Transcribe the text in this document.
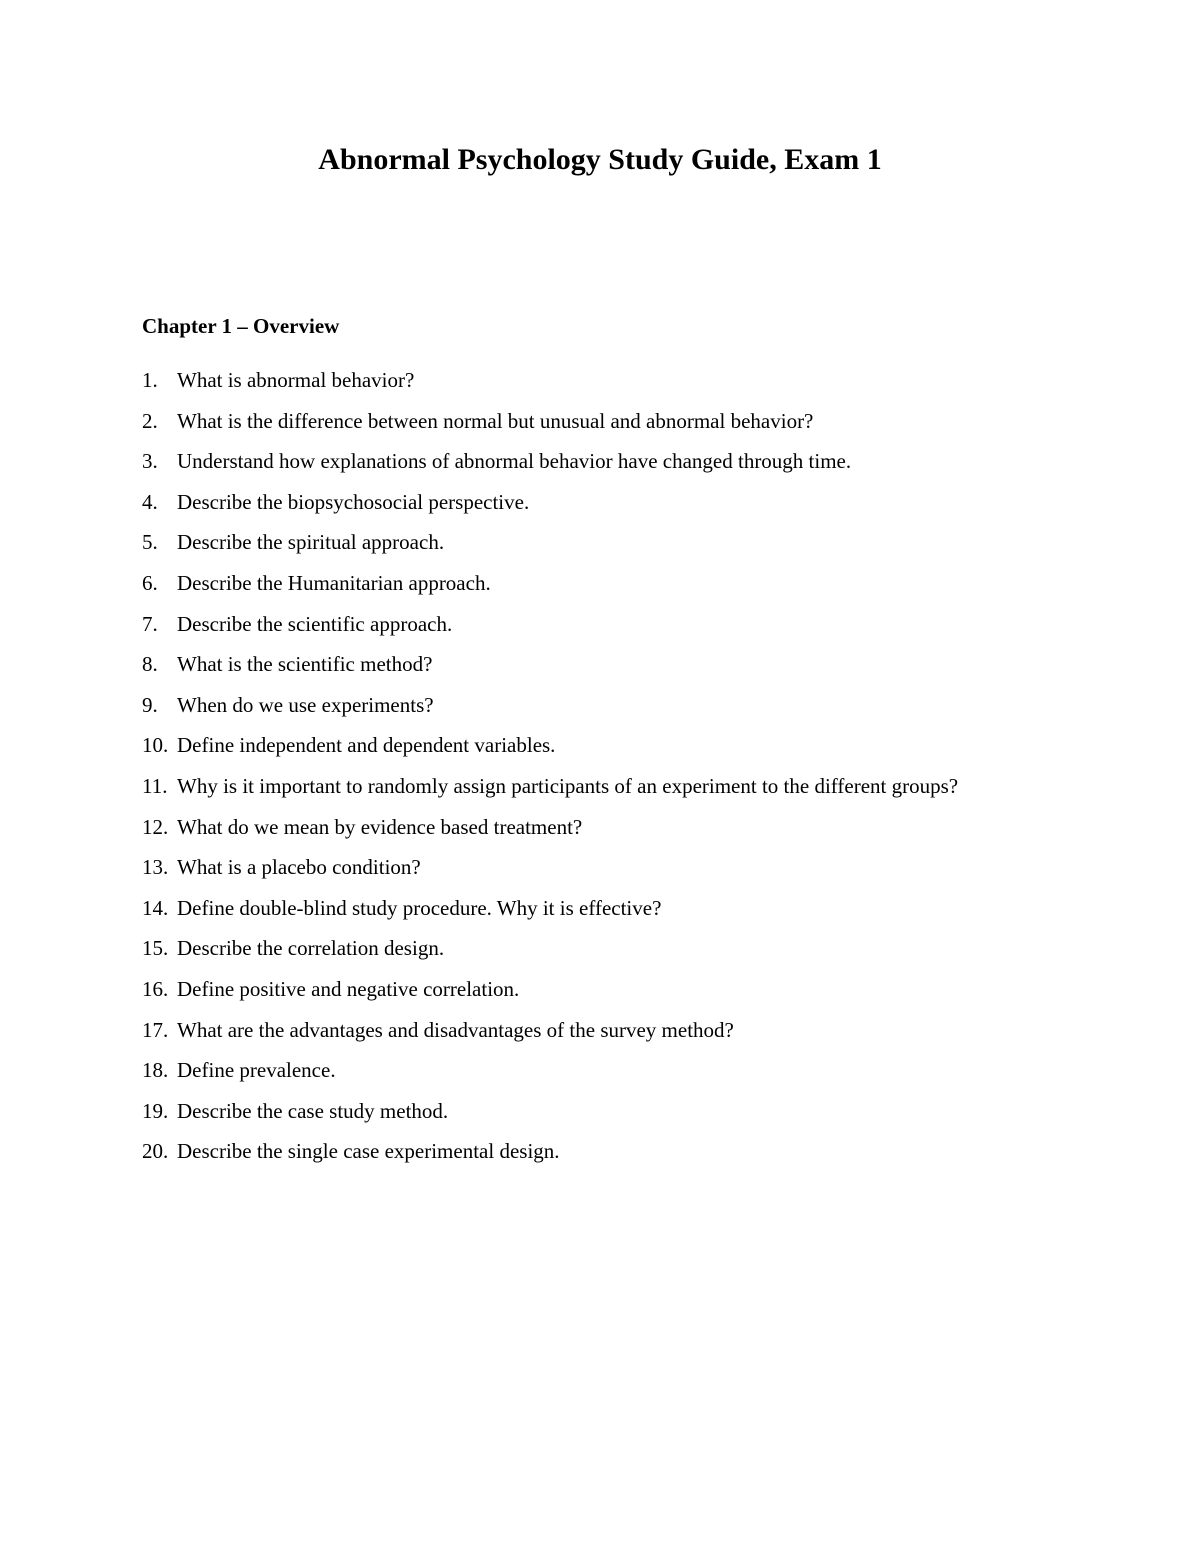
Abnormal Psychology Study Guide, Exam 1
Chapter 1 – Overview
1. What is abnormal behavior?
2. What is the difference between normal but unusual and abnormal behavior?
3. Understand how explanations of abnormal behavior have changed through time.
4. Describe the biopsychosocial perspective.
5. Describe the spiritual approach.
6. Describe the Humanitarian approach.
7. Describe the scientific approach.
8. What is the scientific method?
9. When do we use experiments?
10. Define independent and dependent variables.
11. Why is it important to randomly assign participants of an experiment to the different groups?
12. What do we mean by evidence based treatment?
13. What is a placebo condition?
14. Define double-blind study procedure. Why it is effective?
15. Describe the correlation design.
16. Define positive and negative correlation.
17. What are the advantages and disadvantages of the survey method?
18. Define prevalence.
19. Describe the case study method.
20. Describe the single case experimental design.
